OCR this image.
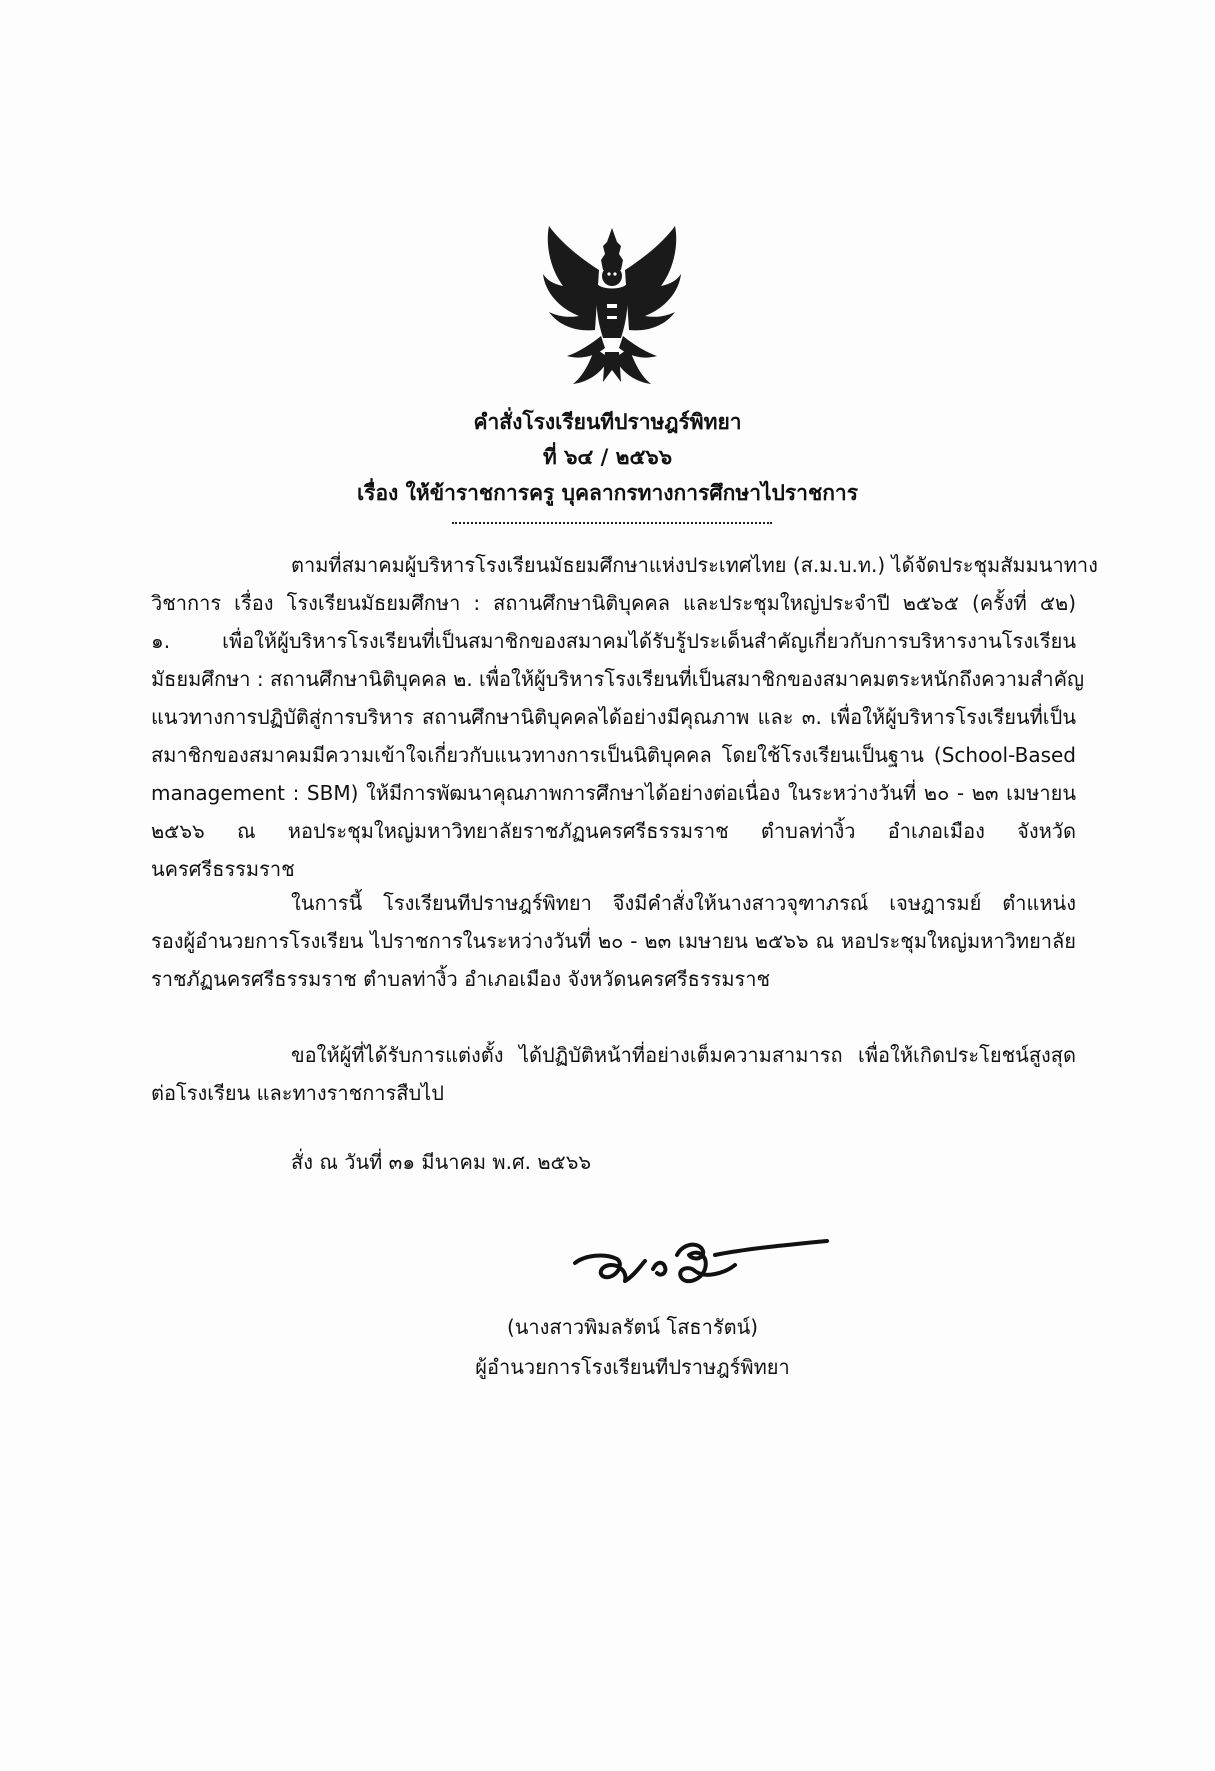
คำสั่งโรงเรียนทีปราษฎร์พิทยา
ที่ ๖๔ / ๒๕๖๖
เรื่อง ให้ข้าราชการครู บุคลากรทางการศึกษาไปราชการ
ตามที่สมาคมผู้บริหารโรงเรียนมัธยมศึกษาแห่งประเทศไทย (ส.ม.บ.ท.) ได้จัดประชุมสัมมนาทาง
วิชาการ เรื่อง โรงเรียนมัธยมศึกษา : สถานศึกษานิติบุคคล และประชุมใหญ่ประจำปี ๒๕๖๕ (ครั้งที่ ๕๒)
๑. เพื่อให้ผู้บริหารโรงเรียนที่เป็นสมาชิกของสมาคมได้รับรู้ประเด็นสำคัญเกี่ยวกับการบริหารงานโรงเรียน
มัธยมศึกษา : สถานศึกษานิติบุคคล ๒. เพื่อให้ผู้บริหารโรงเรียนที่เป็นสมาชิกของสมาคมตระหนักถึงความสำคัญ
แนวทางการปฏิบัติสู่การบริหาร สถานศึกษานิติบุคคลได้อย่างมีคุณภาพ และ ๓. เพื่อให้ผู้บริหารโรงเรียนที่เป็น
สมาชิกของสมาคมมีความเข้าใจเกี่ยวกับแนวทางการเป็นนิติบุคคล โดยใช้โรงเรียนเป็นฐาน (School-Based
management : SBM) ให้มีการพัฒนาคุณภาพการศึกษาได้อย่างต่อเนื่อง ในระหว่างวันที่ ๒๐ - ๒๓ เมษายน
๒๕๖๖ ณ หอประชุมใหญ่มหาวิทยาลัยราชภัฏนครศรีธรรมราช ตำบลท่างิ้ว อำเภอเมือง จังหวัด
นครศรีธรรมราช
ในการนี้ โรงเรียนทีปราษฎร์พิทยา จึงมีคำสั่งให้นางสาวจุฑาภรณ์ เจษฎารมย์ ตำแหน่ง
รองผู้อำนวยการโรงเรียน ไปราชการในระหว่างวันที่ ๒๐ - ๒๓ เมษายน ๒๕๖๖ ณ หอประชุมใหญ่มหาวิทยาลัย
ราชภัฏนครศรีธรรมราช ตำบลท่างิ้ว อำเภอเมือง จังหวัดนครศรีธรรมราช
ขอให้ผู้ที่ได้รับการแต่งตั้ง ได้ปฏิบัติหน้าที่อย่างเต็มความสามารถ เพื่อให้เกิดประโยชน์สูงสุด
ต่อโรงเรียน และทางราชการสืบไป
สั่ง ณ วันที่ ๓๑ มีนาคม พ.ศ. ๒๕๖๖
(นางสาวพิมลรัตน์ โสธารัตน์)
ผู้อำนวยการโรงเรียนทีปราษฎร์พิทยา
